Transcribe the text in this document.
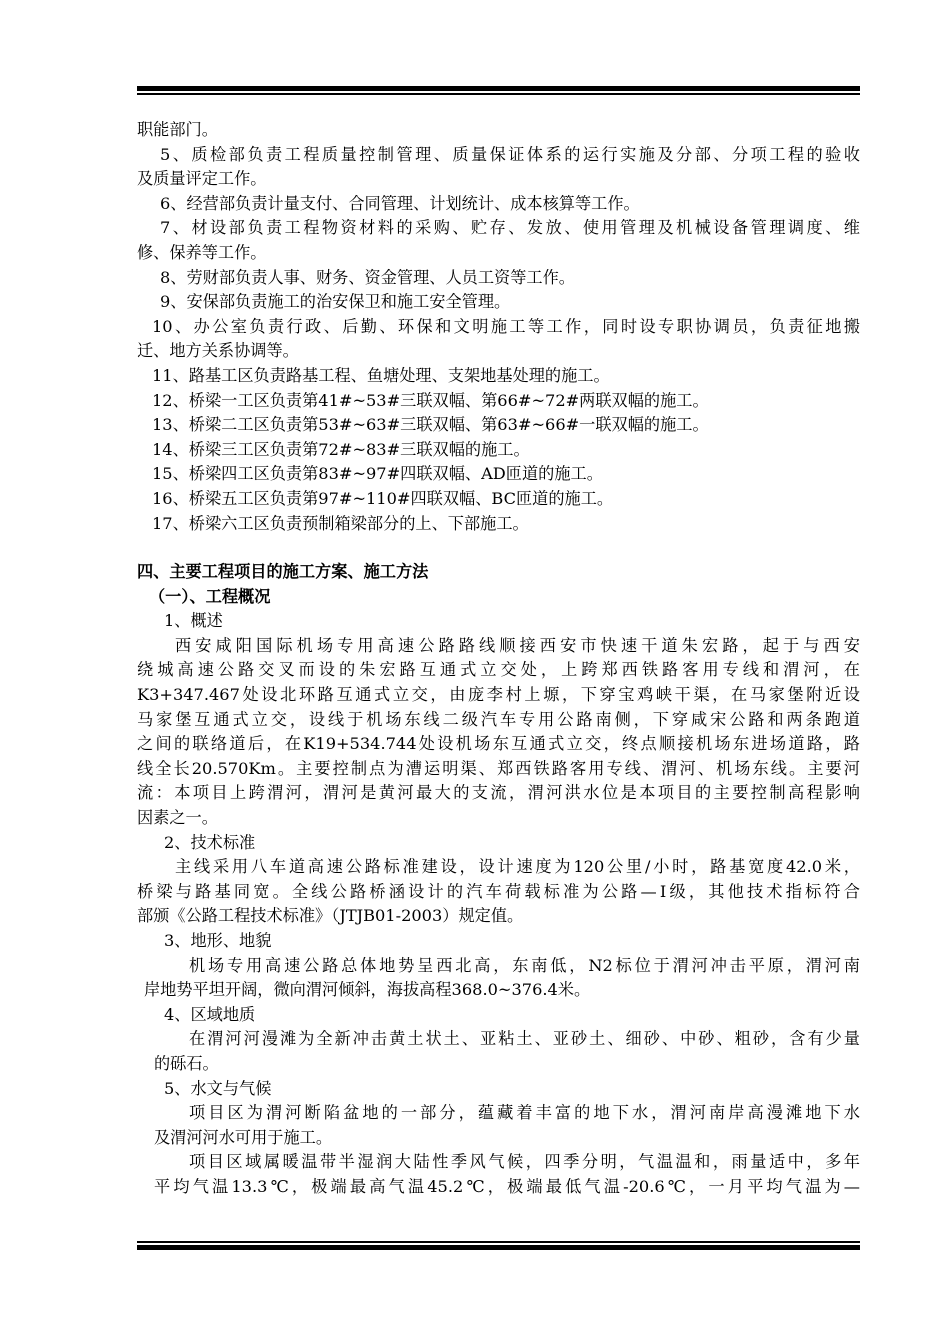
职能部门。
5、质检部负责工程质量控制管理、质量保证体系的运行实施及分部、分项工程的验收
及质量评定工作。
6、经营部负责计量支付、合同管理、计划统计、成本核算等工作。
7、材设部负责工程物资材料的采购、贮存、发放、使用管理及机械设备管理调度、维
修、保养等工作。
8、劳财部负责人事、财务、资金管理、人员工资等工作。
9、安保部负责施工的治安保卫和施工安全管理。
10、办公室负责行政、后勤、环保和文明施工等工作，同时设专职协调员，负责征地搬
迁、地方关系协调等。
11、路基工区负责路基工程、鱼塘处理、支架地基处理的施工。
12、桥梁一工区负责第41#~53#三联双幅、第66#~72#两联双幅的施工。
13、桥梁二工区负责第53#~63#三联双幅、第63#~66#一联双幅的施工。
14、桥梁三工区负责第72#~83#三联双幅的施工。
15、桥梁四工区负责第83#~97#四联双幅、AD匝道的施工。
16、桥梁五工区负责第97#~110#四联双幅、BC匝道的施工。
17、桥梁六工区负责预制箱梁部分的上、下部施工。
四、主要工程项目的施工方案、施工方法
（一）、工程概况
1、概述
西安咸阳国际机场专用高速公路路线顺接西安市快速干道朱宏路，起于与西安
绕城高速公路交叉而设的朱宏路互通式立交处，上跨郑西铁路客用专线和渭河，在
K3+347.467处设北环路互通式立交，由庞李村上塬，下穿宝鸡峡干渠，在马家堡附近设
马家堡互通式立交，设线于机场东线二级汽车专用公路南侧，下穿咸宋公路和两条跑道
之间的联络道后，在K19+534.744处设机场东互通式立交，终点顺接机场东进场道路，路
线全长20.570Km。主要控制点为漕运明渠、郑西铁路客用专线、渭河、机场东线。主要河
流：本项目上跨渭河，渭河是黄河最大的支流，渭河洪水位是本项目的主要控制高程影响
因素之一。
2、技术标准
主线采用八车道高速公路标准建设，设计速度为120公里/小时，路基宽度42.0米，
桥梁与路基同宽。全线公路桥涵设计的汽车荷载标准为公路—Ⅰ级，其他技术指标符合
部颁《公路工程技术标准》（JTJB01-2003）规定值。
3、地形、地貌
机场专用高速公路总体地势呈西北高，东南低，N2标位于渭河冲击平原，渭河南
岸地势平坦开阔，微向渭河倾斜，海拔高程368.0~376.4米。
4、区域地质
在渭河河漫滩为全新冲击黄土状土、亚粘土、亚砂土、细砂、中砂、粗砂，含有少量
的砾石。
5、水文与气候
项目区为渭河断陷盆地的一部分，蕴藏着丰富的地下水，渭河南岸高漫滩地下水
及渭河河水可用于施工。
项目区域属暖温带半湿润大陆性季风气候，四季分明，气温温和，雨量适中，多年
平均气温13.3℃，极端最高气温45.2℃，极端最低气温-20.6℃，一月平均气温为—
